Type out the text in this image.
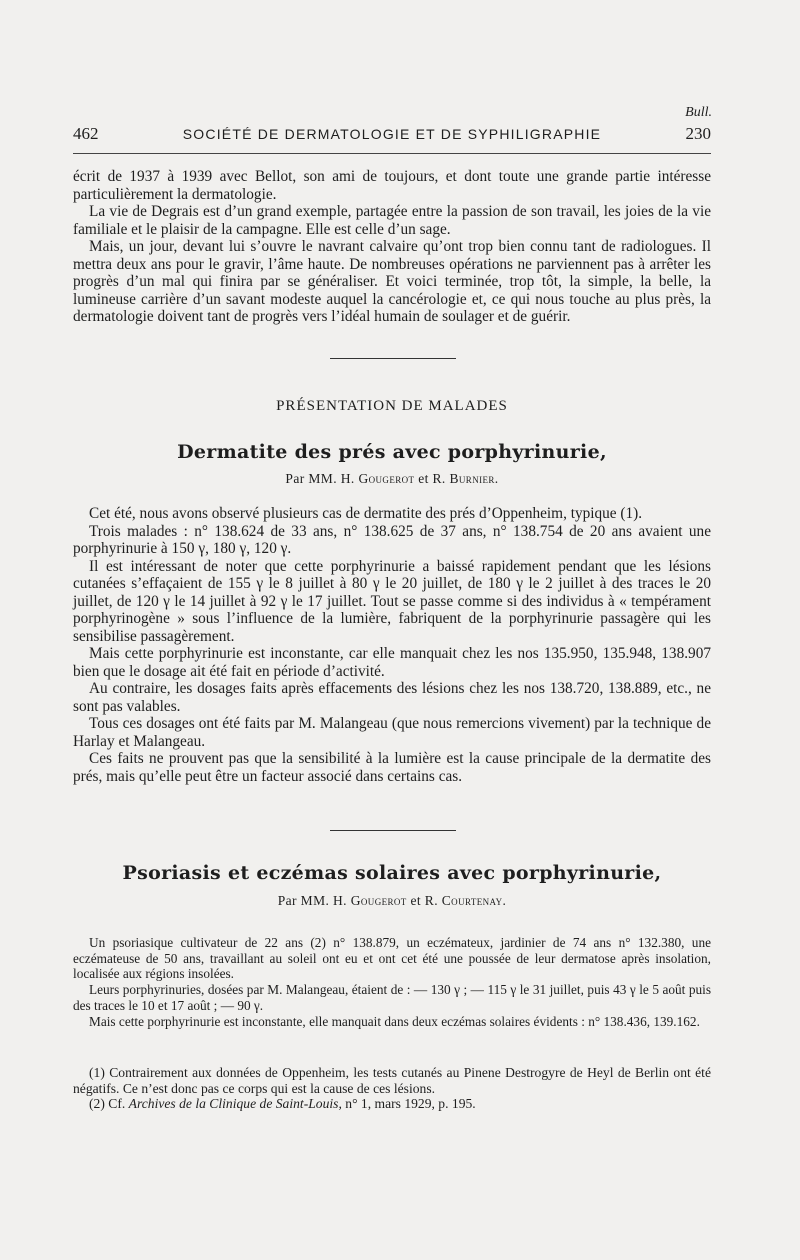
Bull.
462	SOCIÉTÉ DE DERMATOLOGIE ET DE SYPHILIGRAPHIE	230

écrit de 1937 à 1939 avec Bellot, son ami de toujours, et dont toute une grande partie intéresse particulièrement la dermatologie.

La vie de Degrais est d’un grand exemple, partagée entre la passion de son travail, les joies de la vie familiale et le plaisir de la campagne. Elle est celle d’un sage.

Mais, un jour, devant lui s’ouvre le navrant calvaire qu’ont trop bien connu tant de radiologues. Il mettra deux ans pour le gravir, l’âme haute. De nombreuses opérations ne parviennent pas à arrêter les progrès d’un mal qui finira par se généraliser. Et voici terminée, trop tôt, la simple, la belle, la lumineuse carrière d’un savant modeste auquel la cancérologie et, ce qui nous touche au plus près, la dermatologie doivent tant de progrès vers l’idéal humain de soulager et de guérir.

PRÉSENTATION DE MALADES
Dermatite des prés avec porphyrinurie,
Par MM. H. Gougerot et R. Burnier.

Cet été, nous avons observé plusieurs cas de dermatite des prés d’Oppenheim, typique (1).

Trois malades : n° 138.624 de 33 ans, n° 138.625 de 37 ans, n° 138.754 de 20 ans avaient une porphyrinurie à 150 γ, 180 γ, 120 γ.

Il est intéressant de noter que cette porphyrinurie a baissé rapidement pendant que les lésions cutanées s’effaçaient de 155 γ le 8 juillet à 80 γ le 20 juillet, de 180 γ le 2 juillet à des traces le 20 juillet, de 120 γ le 14 juillet à 92 γ le 17 juillet. Tout se passe comme si des individus à « tempérament porphyrinogène » sous l’influence de la lumière, fabriquent de la porphyrinurie passagère qui les sensibilise passagèrement.

Mais cette porphyrinurie est inconstante, car elle manquait chez les nos 135.950, 135.948, 138.907 bien que le dosage ait été fait en période d’activité.

Au contraire, les dosages faits après effacements des lésions chez les nos 138.720, 138.889, etc., ne sont pas valables.

Tous ces dosages ont été faits par M. Malangeau (que nous remercions vivement) par la technique de Harlay et Malangeau.

Ces faits ne prouvent pas que la sensibilité à la lumière est la cause principale de la dermatite des prés, mais qu’elle peut être un facteur associé dans certains cas.

Psoriasis et eczémas solaires avec porphyrinurie,
Par MM. H. Gougerot et R. Courtenay.

Un psoriasique cultivateur de 22 ans (2) n° 138.879, un eczémateux, jardinier de 74 ans n° 132.380, une eczémateuse de 50 ans, travaillant au soleil ont eu et ont cet été une poussée de leur dermatose après insolation, localisée aux régions insolées.

Leurs porphyrinuries, dosées par M. Malangeau, étaient de : — 130 γ ; — 115 γ le 31 juillet, puis 43 γ le 5 août puis des traces le 10 et 17 août ; — 90 γ.

Mais cette porphyrinurie est inconstante, elle manquait dans deux eczémas solaires évidents : n° 138.436, 139.162.

(1) Contrairement aux données de Oppenheim, les tests cutanés au Pinene Destrogyre de Heyl de Berlin ont été négatifs. Ce n’est donc pas ce corps qui est la cause de ces lésions.

(2) Cf. Archives de la Clinique de Saint-Louis, n° 1, mars 1929, p. 195.
